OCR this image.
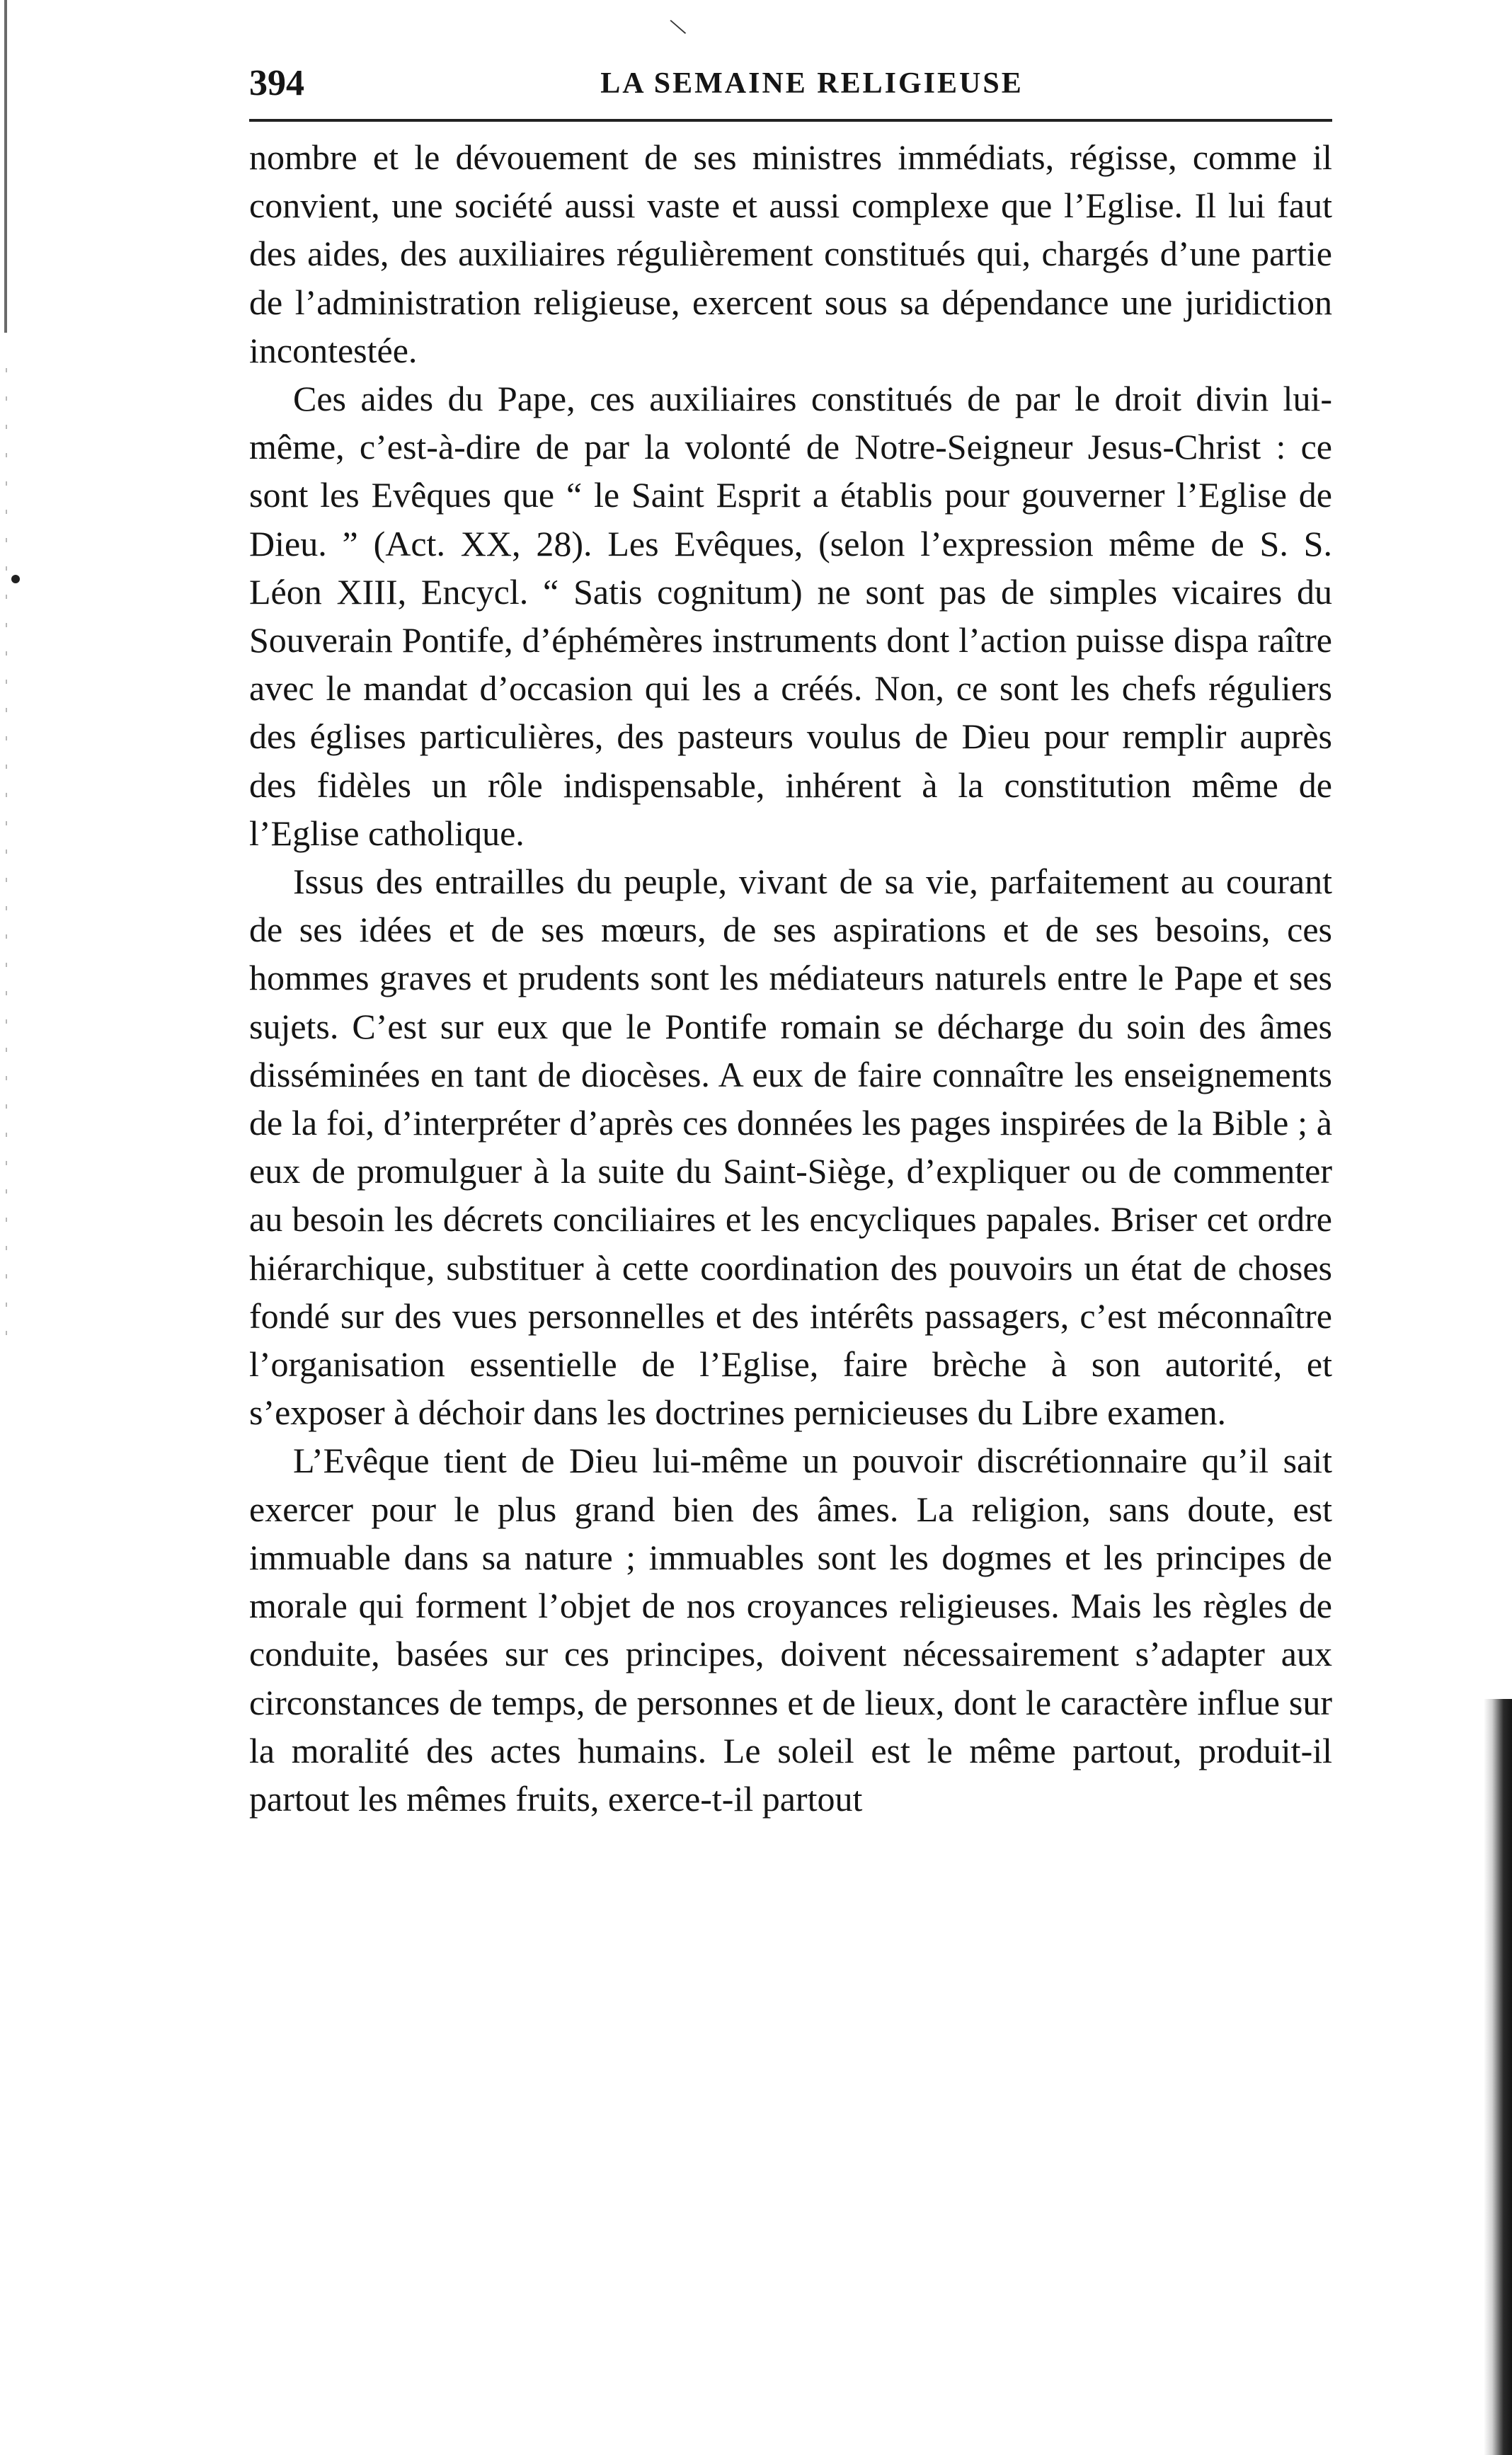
\
394	LA SEMAINE RELIGIEUSE

nombre et le dévouement de ses ministres immédiats, régisse, comme il convient, une société aussi vaste et aussi complexe que l’Eglise. Il lui faut des aides, des auxiliaires régulièrement constitués qui, chargés d’une partie de l’administration religieuse, exercent sous sa dépendance une juridiction incontestée.

Ces aides du Pape, ces auxiliaires constitués de par le droit divin lui-même, c’est-à-dire de par la volonté de Notre-Seigneur Jesus-Christ : ce sont les Evêques que “ le Saint Esprit a établis pour gouverner l’Eglise de Dieu. ” (Act. XX, 28). Les Evêques, (selon l’expression même de S. S. Léon XIII, Encycl. “ Satis cognitum) ne sont pas de simples vicaires du Souverain Pontife, d’éphémères instruments dont l’action puisse dispa raître avec le mandat d’occasion qui les a créés. Non, ce sont les chefs réguliers des églises particulières, des pasteurs voulus de Dieu pour remplir auprès des fidèles un rôle indispensable, inhérent à la constitution même de l’Eglise catholique.

Issus des entrailles du peuple, vivant de sa vie, parfaitement au courant de ses idées et de ses mœurs, de ses aspirations et de ses besoins, ces hommes graves et prudents sont les médiateurs naturels entre le Pape et ses sujets. C’est sur eux que le Pontife romain se décharge du soin des âmes disséminées en tant de diocèses. A eux de faire connaître les enseignements de la foi, d’interpréter d’après ces données les pages inspirées de la Bible ; à eux de promulguer à la suite du Saint-Siège, d’expliquer ou de commenter au besoin les décrets conciliaires et les encycliques papales. Briser cet ordre hiérarchique, substituer à cette coordination des pouvoirs un état de choses fondé sur des vues personnelles et des intérêts passagers, c’est méconnaître l’organisation essentielle de l’Eglise, faire brèche à son autorité, et s’exposer à déchoir dans les doctrines pernicieuses du Libre examen.

L’Evêque tient de Dieu lui-même un pouvoir discrétionnaire qu’il sait exercer pour le plus grand bien des âmes. La religion, sans doute, est immuable dans sa nature ; immuables sont les dogmes et les principes de morale qui forment l’objet de nos croyances religieuses. Mais les règles de conduite, basées sur ces principes, doivent nécessairement s’adapter aux circonstances de temps, de personnes et de lieux, dont le caractère influe sur la moralité des actes humains. Le soleil est le même partout, produit-il partout les mêmes fruits, exerce-t-il partout
